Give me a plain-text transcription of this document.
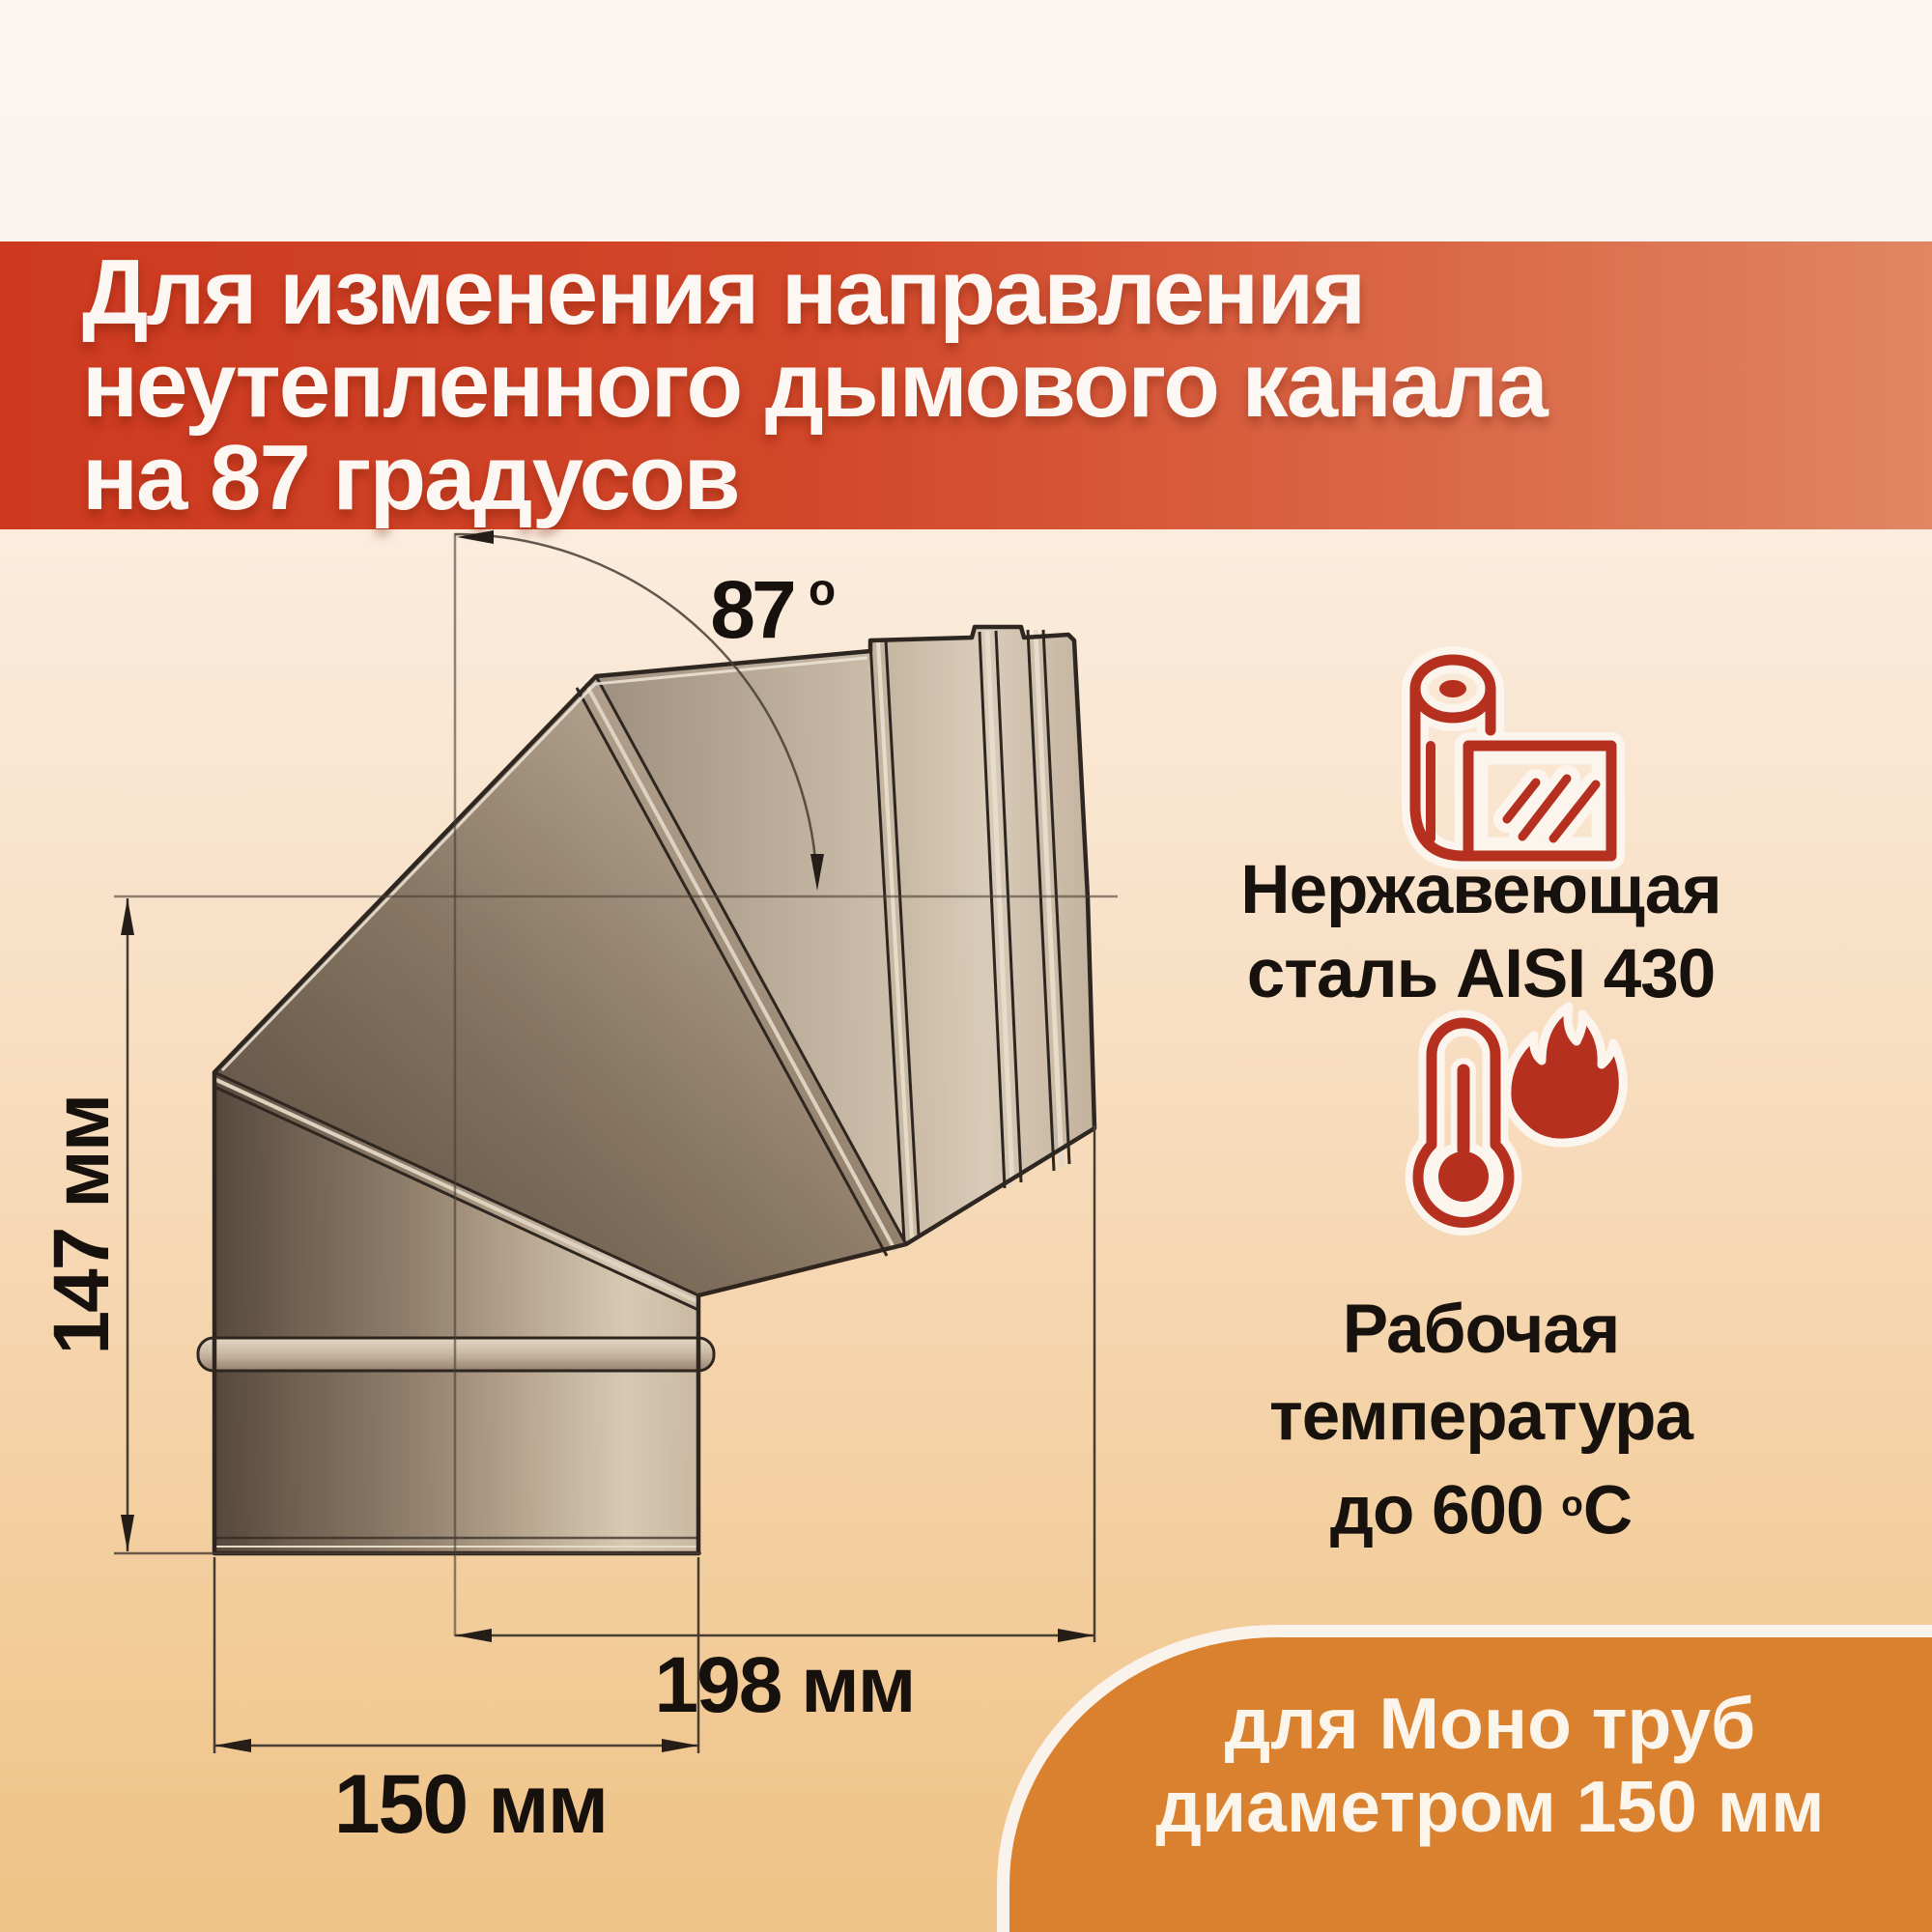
Для изменения направления
неутепленного дымового канала
на 87 градусов
87 о
147 мм
198 мм
150 мм
Нержавеющая
сталь AISI 430
Рабочая
температура
до 600 $^о$С
для Моно труб
диаметром 150 мм
